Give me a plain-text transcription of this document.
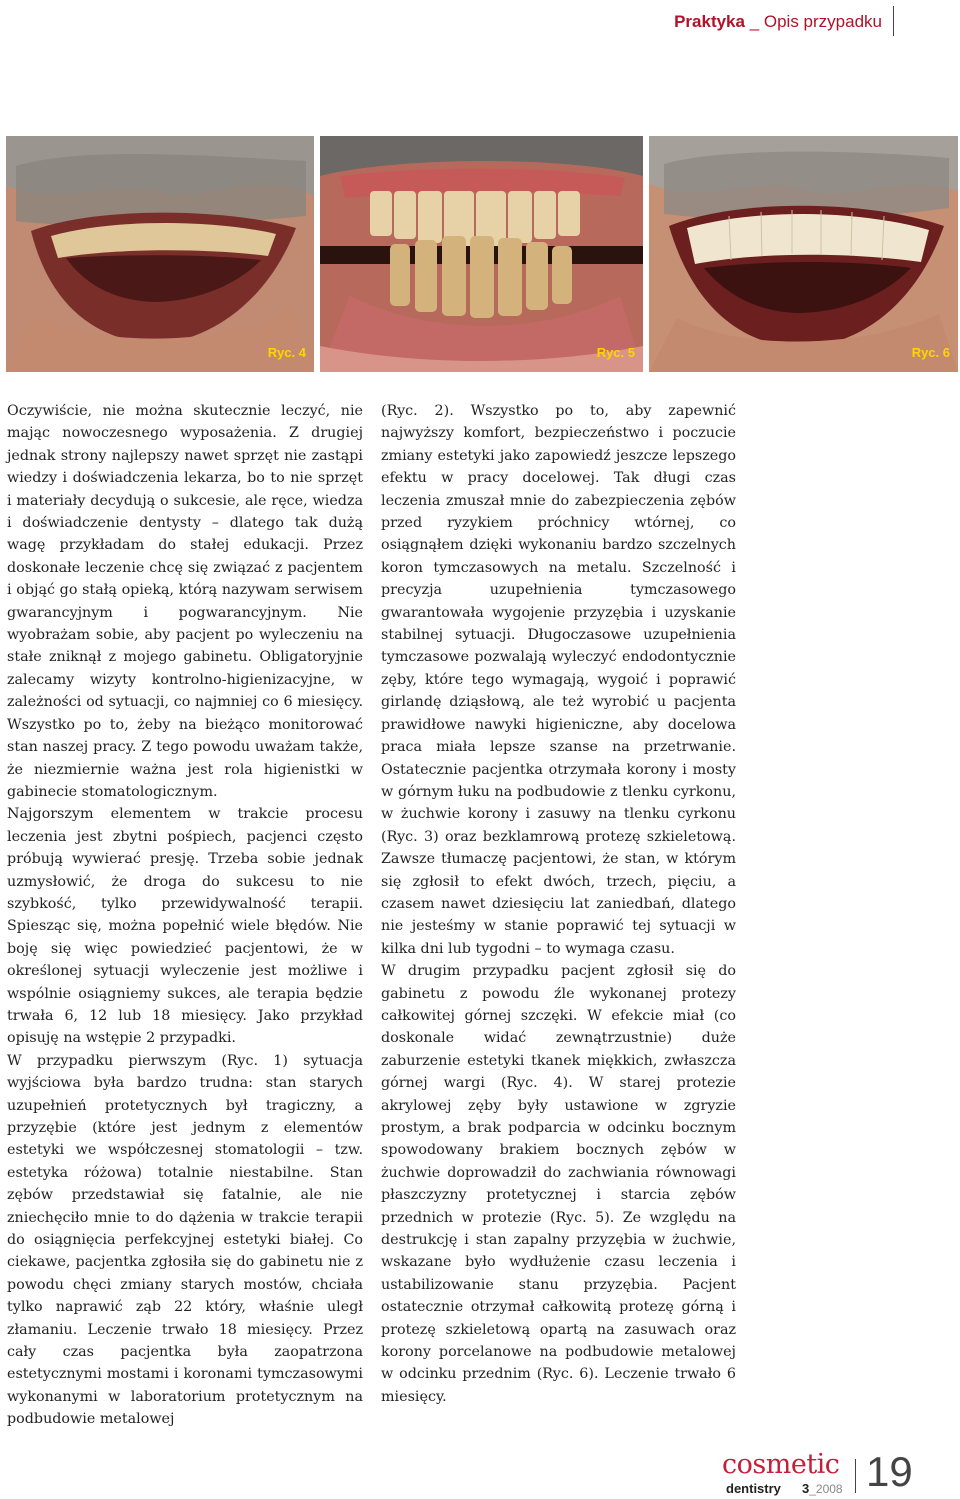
Praktyka _ Opis przypadku
Ryc. 4	Ryc. 5	Ryc. 6

Oczywiście, nie można skutecznie leczyć, nie mając nowoczesnego wyposażenia. Z drugiej jednak strony najlepszy nawet sprzęt nie zastąpi wiedzy i doświadczenia lekarza, bo to nie sprzęt i materiały decydują o sukcesie, ale ręce, wiedza i doświadczenie dentysty – dlatego tak dużą wagę przykładam do stałej edukacji. Przez doskonałe leczenie chcę się związać z pacjentem i objąć go stałą opieką, którą nazywam serwisem gwarancyjnym i pogwarancyjnym. Nie wyobrażam sobie, aby pacjent po wyleczeniu na stałe zniknął z mojego gabinetu. Obligatoryjnie zalecamy wizyty kontrolno-higienizacyjne, w zależności od sytuacji, co najmniej co 6 miesięcy. Wszystko po to, żeby na bieżąco monitorować stan naszej pracy. Z tego powodu uważam także, że niezmiernie ważna jest rola higienistki w gabinecie stomatologicznym.

Najgorszym elementem w trakcie procesu leczenia jest zbytni pośpiech, pacjenci często próbują wywierać presję. Trzeba sobie jednak uzmysłowić, że droga do sukcesu to nie szybkość, tylko przewidywalność terapii. Spiesząc się, można popełnić wiele błędów. Nie boję się więc powiedzieć pacjentowi, że w określonej sytuacji wyleczenie jest możliwe i wspólnie osiągniemy sukces, ale terapia będzie trwała 6, 12 lub 18 miesięcy. Jako przykład opisuję na wstępie 2 przypadki.

W przypadku pierwszym (Ryc. 1) sytuacja wyjściowa była bardzo trudna: stan starych uzupełnień protetycznych był tragiczny, a przyzębie (które jest jednym z elementów estetyki we współczesnej stomatologii – tzw. estetyka różowa) totalnie niestabilne. Stan zębów przedstawiał się fatalnie, ale nie zniechęciło mnie to do dążenia w trakcie terapii do osiągnięcia perfekcyjnej estetyki białej. Co ciekawe, pacjentka zgłosiła się do gabinetu nie z powodu chęci zmiany starych mostów, chciała tylko naprawić ząb 22 który, właśnie uległ złamaniu. Leczenie trwało 18 miesięcy. Przez cały czas pacjentka była zaopatrzona estetycznymi mostami i koronami tymczasowymi wykonanymi w laboratorium protetycznym na podbudowie metalowej

(Ryc. 2). Wszystko po to, aby zapewnić najwyższy komfort, bezpieczeństwo i poczucie zmiany estetyki jako zapowiedź jeszcze lepszego efektu w pracy docelowej. Tak długi czas leczenia zmuszał mnie do zabezpieczenia zębów przed ryzykiem próchnicy wtórnej, co osiągnąłem dzięki wykonaniu bardzo szczelnych koron tymczasowych na metalu. Szczelność i precyzja uzupełnienia tymczasowego gwarantowała wygojenie przyzębia i uzyskanie stabilnej sytuacji. Długoczasowe uzupełnienia tymczasowe pozwalają wyleczyć endodontycznie zęby, które tego wymagają, wygoić i poprawić girlandę dziąsłową, ale też wyrobić u pacjenta prawidłowe nawyki higieniczne, aby docelowa praca miała lepsze szanse na przetrwanie. Ostatecznie pacjentka otrzymała korony i mosty w górnym łuku na podbudowie z tlenku cyrkonu, w żuchwie korony i zasuwy na tlenku cyrkonu (Ryc. 3) oraz bezklamrową protezę szkieletową. Zawsze tłumaczę pacjentowi, że stan, w którym się zgłosił to efekt dwóch, trzech, pięciu, a czasem nawet dziesięciu lat zaniedbań, dlatego nie jesteśmy w stanie poprawić tej sytuacji w kilka dni lub tygodni – to wymaga czasu.

W drugim przypadku pacjent zgłosił się do gabinetu z powodu źle wykonanej protezy całkowitej górnej szczęki. W efekcie miał (co doskonale widać zewnątrzustnie) duże zaburzenie estetyki tkanek miękkich, zwłaszcza górnej wargi (Ryc. 4). W starej protezie akrylowej zęby były ustawione w zgryzie prostym, a brak podparcia w odcinku bocznym spowodowany brakiem bocznych zębów w żuchwie doprowadził do zachwiania równowagi płaszczyzny protetycznej i starcia zębów przednich w protezie (Ryc. 5). Ze względu na destrukcję i stan zapalny przyzębia w żuchwie, wskazane było wydłużenie czasu leczenia i ustabilizowanie stanu przyzębia. Pacjent ostatecznie otrzymał całkowitą protezę górną i protezę szkieletową opartą na zasuwach oraz korony porcelanowe na podbudowie metalowej w odcinku przednim (Ryc. 6). Leczenie trwało 6 miesięcy.

cosmetic
dentistry 3_2008 19
